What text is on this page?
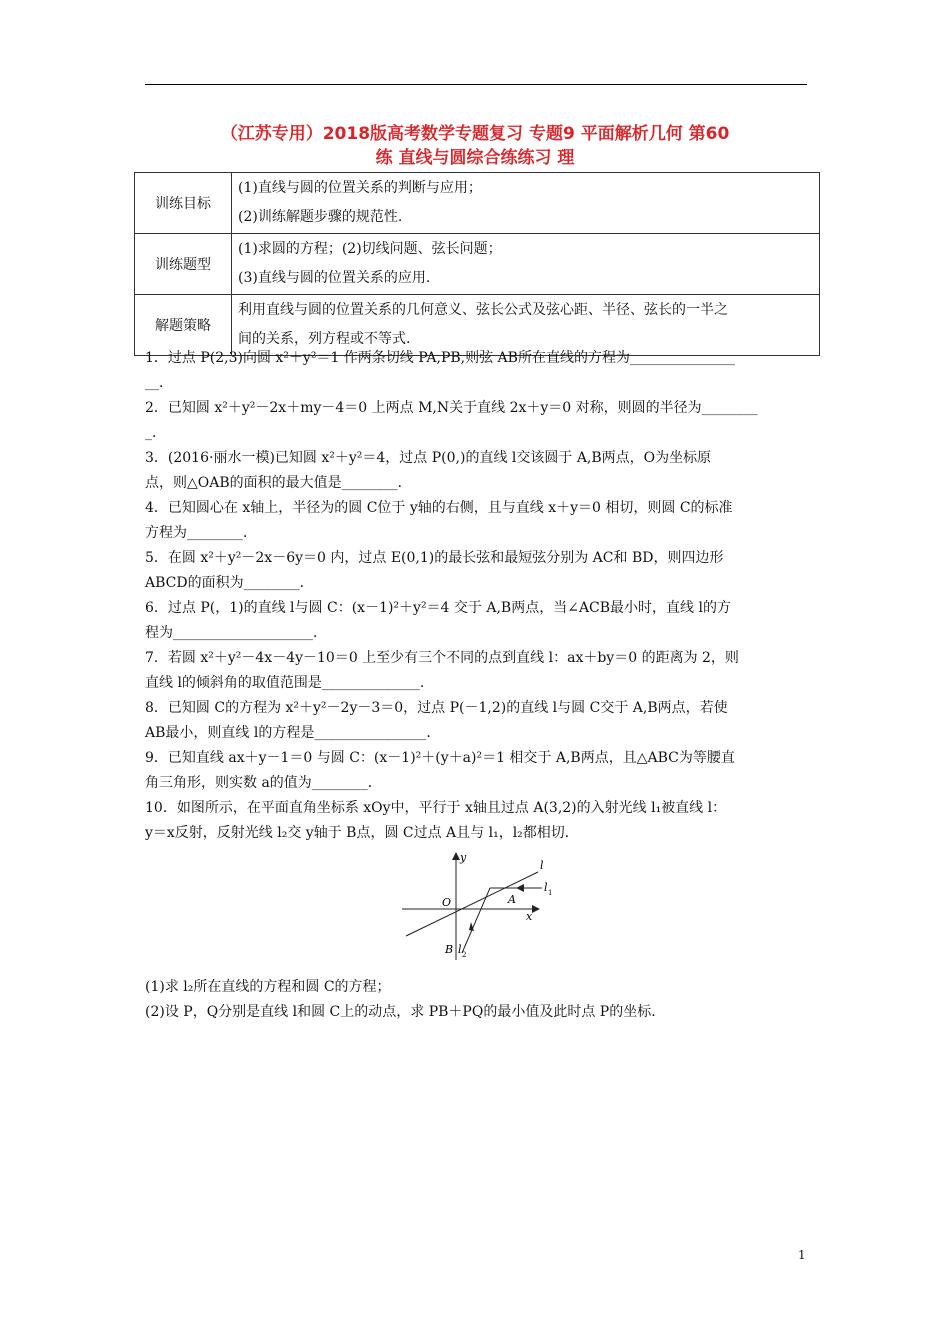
（江苏专用）2018版高考数学专题复习 专题9 平面解析几何 第60
练 直线与圆综合练练习 理
训练目标	(1)直线与圆的位置关系的判断与应用；
(2)训练解题步骤的规范性.

训练题型	(1)求圆的方程；(2)切线问题、弦长问题；
(3)直线与圆的位置关系的应用.

解题策略	利用直线与圆的位置关系的几何意义、弦长公式及弦心距、半径、弦长的一半之
间的关系，列方程或不等式.

1．过点 P(2,3)向圆 x²＋y²＝1 作两条切线 PA,PB,则弦 AB所在直线的方程为_______________

__．

2．已知圆 x²＋y²－2x＋my－4＝0 上两点 M,N关于直线 2x＋y＝0 对称，则圆的半径为________

_．

3．(2016·丽水一模)已知圆 x²＋y²＝4，过点 P(0,)的直线 l交该圆于 A,B两点，O为坐标原

点，则△OAB的面积的最大值是________．

4．已知圆心在 x轴上，半径为的圆 C位于 y轴的右侧，且与直线 x＋y＝0 相切，则圆 C的标准

方程为________．

5．在圆 x²＋y²－2x－6y＝0 内，过点 E(0,1)的最长弦和最短弦分别为 AC和 BD，则四边形

ABCD的面积为________．

6．过点 P(，1)的直线 l与圆 C：(x－1)²＋y²＝4 交于 A,B两点，当∠ACB最小时，直线 l的方

程为____________________．

7．若圆 x²＋y²－4x－4y－10＝0 上至少有三个不同的点到直线 l：ax＋by＝0 的距离为 2，则

直线 l的倾斜角的取值范围是______________．

8．已知圆 C的方程为 x²＋y²－2y－3＝0，过点 P(－1,2)的直线 l与圆 C交于 A,B两点，若使

AB最小，则直线 l的方程是________________．

9．已知直线 ax＋y－1＝0 与圆 C：(x－1)²＋(y＋a)²＝1 相交于 A,B两点，且△ABC为等腰直

角三角形，则实数 a的值为________．

10．如图所示，在平面直角坐标系 xOy中，平行于 x轴且过点 A(3,2)的入射光线 l₁被直线 l：

y＝x反射，反射光线 l₂交 y轴于 B点，圆 C过点 A且与 l₁，l₂都相切．

y
x
O	A
B
l
l 1
l 2

(1)求 l₂所在直线的方程和圆 C的方程；

(2)设 P，Q分别是直线 l和圆 C上的动点，求 PB＋PQ的最小值及此时点 P的坐标．

1
